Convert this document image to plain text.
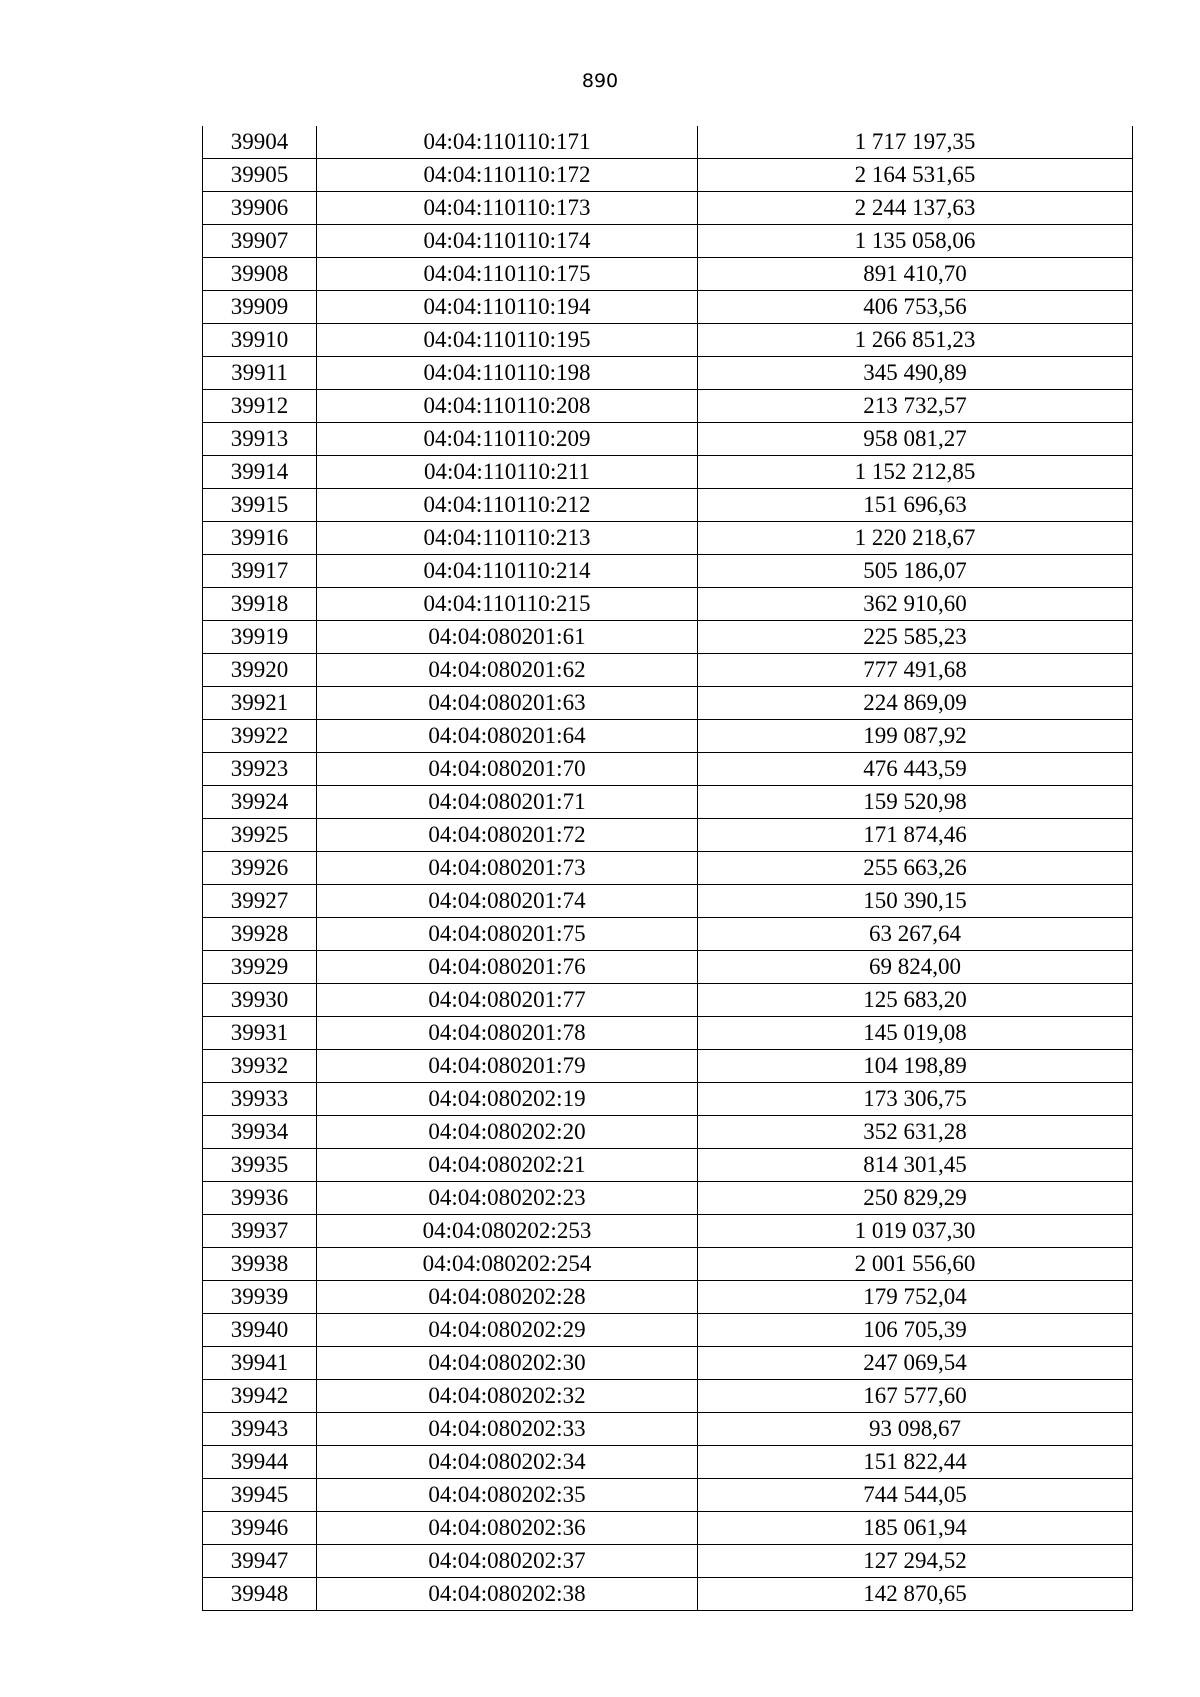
890
39904	04:04:110110:171	1 717 197,35
39905	04:04:110110:172	2 164 531,65
39906	04:04:110110:173	2 244 137,63
39907	04:04:110110:174	1 135 058,06
39908	04:04:110110:175	891 410,70
39909	04:04:110110:194	406 753,56
39910	04:04:110110:195	1 266 851,23
39911	04:04:110110:198	345 490,89
39912	04:04:110110:208	213 732,57
39913	04:04:110110:209	958 081,27
39914	04:04:110110:211	1 152 212,85
39915	04:04:110110:212	151 696,63
39916	04:04:110110:213	1 220 218,67
39917	04:04:110110:214	505 186,07
39918	04:04:110110:215	362 910,60
39919	04:04:080201:61	225 585,23
39920	04:04:080201:62	777 491,68
39921	04:04:080201:63	224 869,09
39922	04:04:080201:64	199 087,92
39923	04:04:080201:70	476 443,59
39924	04:04:080201:71	159 520,98
39925	04:04:080201:72	171 874,46
39926	04:04:080201:73	255 663,26
39927	04:04:080201:74	150 390,15
39928	04:04:080201:75	63 267,64
39929	04:04:080201:76	69 824,00
39930	04:04:080201:77	125 683,20
39931	04:04:080201:78	145 019,08
39932	04:04:080201:79	104 198,89
39933	04:04:080202:19	173 306,75
39934	04:04:080202:20	352 631,28
39935	04:04:080202:21	814 301,45
39936	04:04:080202:23	250 829,29
39937	04:04:080202:253	1 019 037,30
39938	04:04:080202:254	2 001 556,60
39939	04:04:080202:28	179 752,04
39940	04:04:080202:29	106 705,39
39941	04:04:080202:30	247 069,54
39942	04:04:080202:32	167 577,60
39943	04:04:080202:33	93 098,67
39944	04:04:080202:34	151 822,44
39945	04:04:080202:35	744 544,05
39946	04:04:080202:36	185 061,94
39947	04:04:080202:37	127 294,52
39948	04:04:080202:38	142 870,65
